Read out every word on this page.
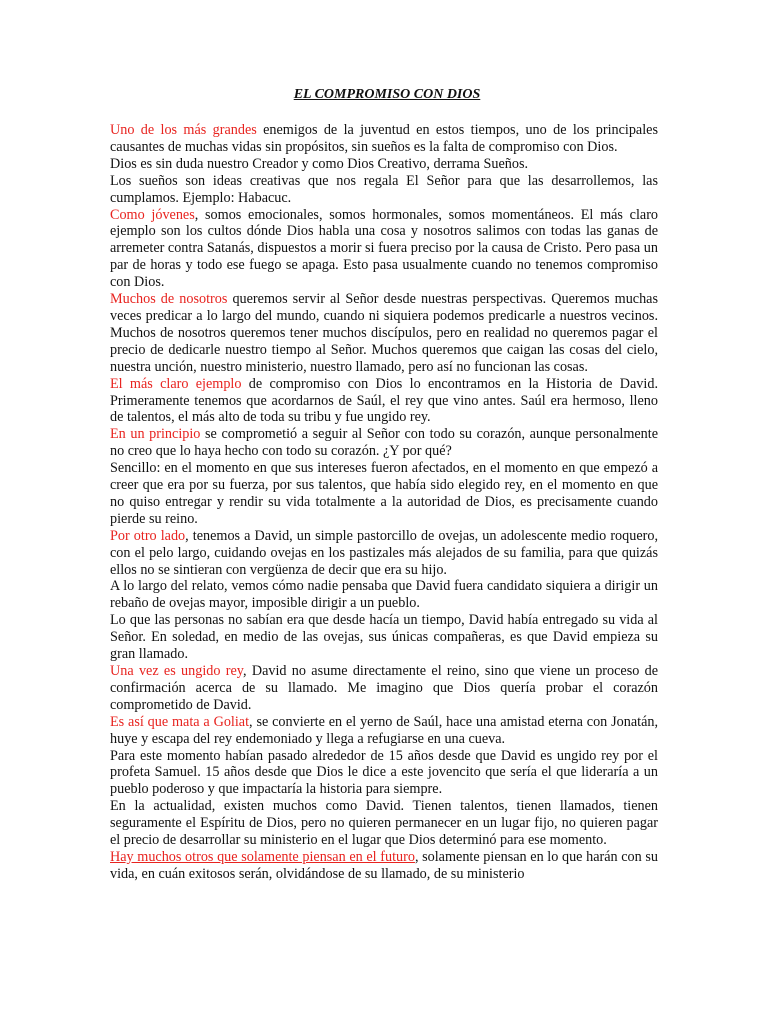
EL COMPROMISO CON DIOS

Uno de los más grandes enemigos de la juventud en estos tiempos, uno de los principales causantes de muchas vidas sin propósitos, sin sueños es la falta de compromiso con Dios.

Dios es sin duda nuestro Creador y como Dios Creativo, derrama Sueños.

Los sueños son ideas creativas que nos regala El Señor para que las desarrollemos, las cumplamos. Ejemplo: Habacuc.

Como jóvenes, somos emocionales, somos hormonales, somos momentáneos. El más claro ejemplo son los cultos dónde Dios habla una cosa y nosotros salimos con todas las ganas de arremeter contra Satanás, dispuestos a morir si fuera preciso por la causa de Cristo. Pero pasa un par de horas y todo ese fuego se apaga. Esto pasa usualmente cuando no tenemos compromiso con Dios.

Muchos de nosotros queremos servir al Señor desde nuestras perspectivas. Queremos muchas veces predicar a lo largo del mundo, cuando ni siquiera podemos predicarle a nuestros vecinos. Muchos de nosotros queremos tener muchos discípulos, pero en realidad no queremos pagar el precio de dedicarle nuestro tiempo al Señor. Muchos queremos que caigan las cosas del cielo, nuestra unción, nuestro ministerio, nuestro llamado, pero así no funcionan las cosas.

El más claro ejemplo de compromiso con Dios lo encontramos en la Historia de David. Primeramente tenemos que acordarnos de Saúl, el rey que vino antes. Saúl era hermoso, lleno de talentos, el más alto de toda su tribu y fue ungido rey.

En un principio se comprometió a seguir al Señor con todo su corazón, aunque personalmente no creo que lo haya hecho con todo su corazón. ¿Y por qué?

Sencillo: en el momento en que sus intereses fueron afectados, en el momento en que empezó a creer que era por su fuerza, por sus talentos, que había sido elegido rey, en el momento en que no quiso entregar y rendir su vida totalmente a la autoridad de Dios, es precisamente cuando pierde su reino.

Por otro lado, tenemos a David, un simple pastorcillo de ovejas, un adolescente medio roquero, con el pelo largo, cuidando ovejas en los pastizales más alejados de su familia, para que quizás ellos no se sintieran con vergüenza de decir que era su hijo.

A lo largo del relato, vemos cómo nadie pensaba que David fuera candidato siquiera a dirigir un rebaño de ovejas mayor, imposible dirigir a un pueblo.

Lo que las personas no sabían era que desde hacía un tiempo, David había entregado su vida al Señor. En soledad, en medio de las ovejas, sus únicas compañeras, es que David empieza su gran llamado.

Una vez es ungido rey, David no asume directamente el reino, sino que viene un proceso de confirmación acerca de su llamado. Me imagino que Dios quería probar el corazón comprometido de David.

Es así que mata a Goliat, se convierte en el yerno de Saúl, hace una amistad eterna con Jonatán, huye y escapa del rey endemoniado y llega a refugiarse en una cueva.

Para este momento habían pasado alrededor de 15 años desde que David es ungido rey por el profeta Samuel. 15 años desde que Dios le dice a este jovencito que sería el que lideraría a un pueblo poderoso y que impactaría la historia para siempre.

En la actualidad, existen muchos como David. Tienen talentos, tienen llamados, tienen seguramente el Espíritu de Dios, pero no quieren permanecer en un lugar fijo, no quieren pagar el precio de desarrollar su ministerio en el lugar que Dios determinó para ese momento.

Hay muchos otros que solamente piensan en el futuro, solamente piensan en lo que harán con su vida, en cuán exitosos serán, olvidándose de su llamado, de su ministerio
